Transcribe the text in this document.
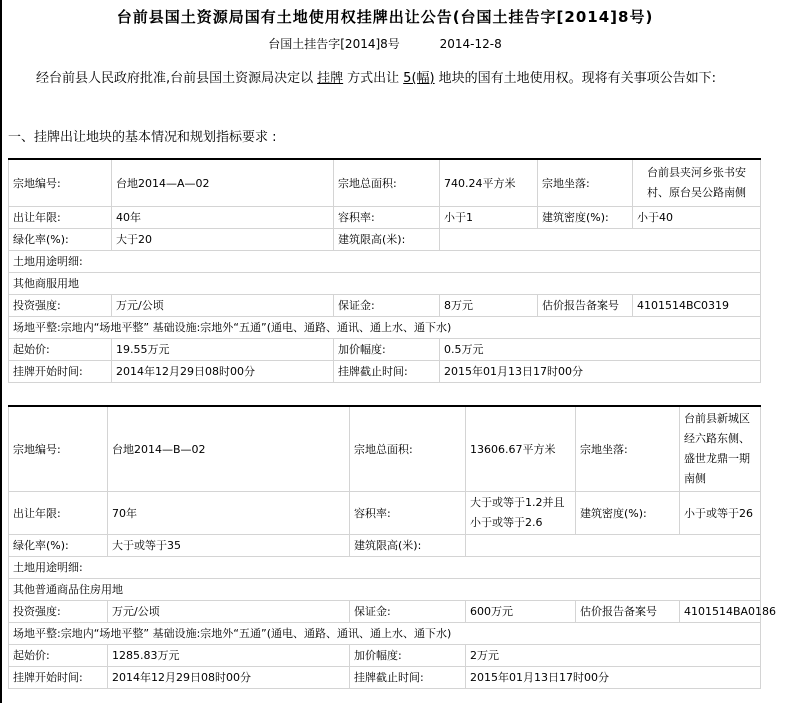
台前县国土资源局国有土地使用权挂牌出让公告(台国土挂告字[2014]8号)
台国土挂告字[2014]8号	2014-12-8
经台前县人民政府批准,台前县国土资源局决定以 挂牌 方式出让 5(幅) 地块的国有土地使用权。现将有关事项公告如下:
一、挂牌出让地块的基本情况和规划指标要求 :
宗地编号:	台地2014—A—02	宗地总面积:	740.24平方米	宗地坐落:	台前县夹河乡张书安村、原台吴公路南侧
出让年限:	40年	容积率:	小于1	建筑密度(%):	小于40
绿化率(%):	大于20	建筑限高(米):			
土地用途明细:					
其他商服用地					
投资强度:	万元/公顷	保证金:	8万元	估价报告备案号	4101514BC0319
场地平整:宗地内“场地平整” 基础设施:宗地外“五通”(通电、通路、通讯、通上水、通下水)					
起始价:	19.55万元	加价幅度:	0.5万元		
挂牌开始时间:	2014年12月29日08时00分	挂牌截止时间:	2015年01月13日17时00分		
宗地编号:	台地2014—B—02	宗地总面积:	13606.67平方米	宗地坐落:	台前县新城区经六路东侧、盛世龙鼎一期南侧
出让年限:	70年	容积率:	大于或等于1.2并且小于或等于2.6	建筑密度(%):	小于或等于26
绿化率(%):	大于或等于35	建筑限高(米):			
土地用途明细:					
其他普通商品住房用地					
投资强度:	万元/公顷	保证金:	600万元	估价报告备案号	4101514BA0186
场地平整:宗地内“场地平整” 基础设施:宗地外“五通”(通电、通路、通讯、通上水、通下水)					
起始价:	1285.83万元	加价幅度:	2万元		
挂牌开始时间:	2014年12月29日08时00分	挂牌截止时间:	2015年01月13日17时00分		
